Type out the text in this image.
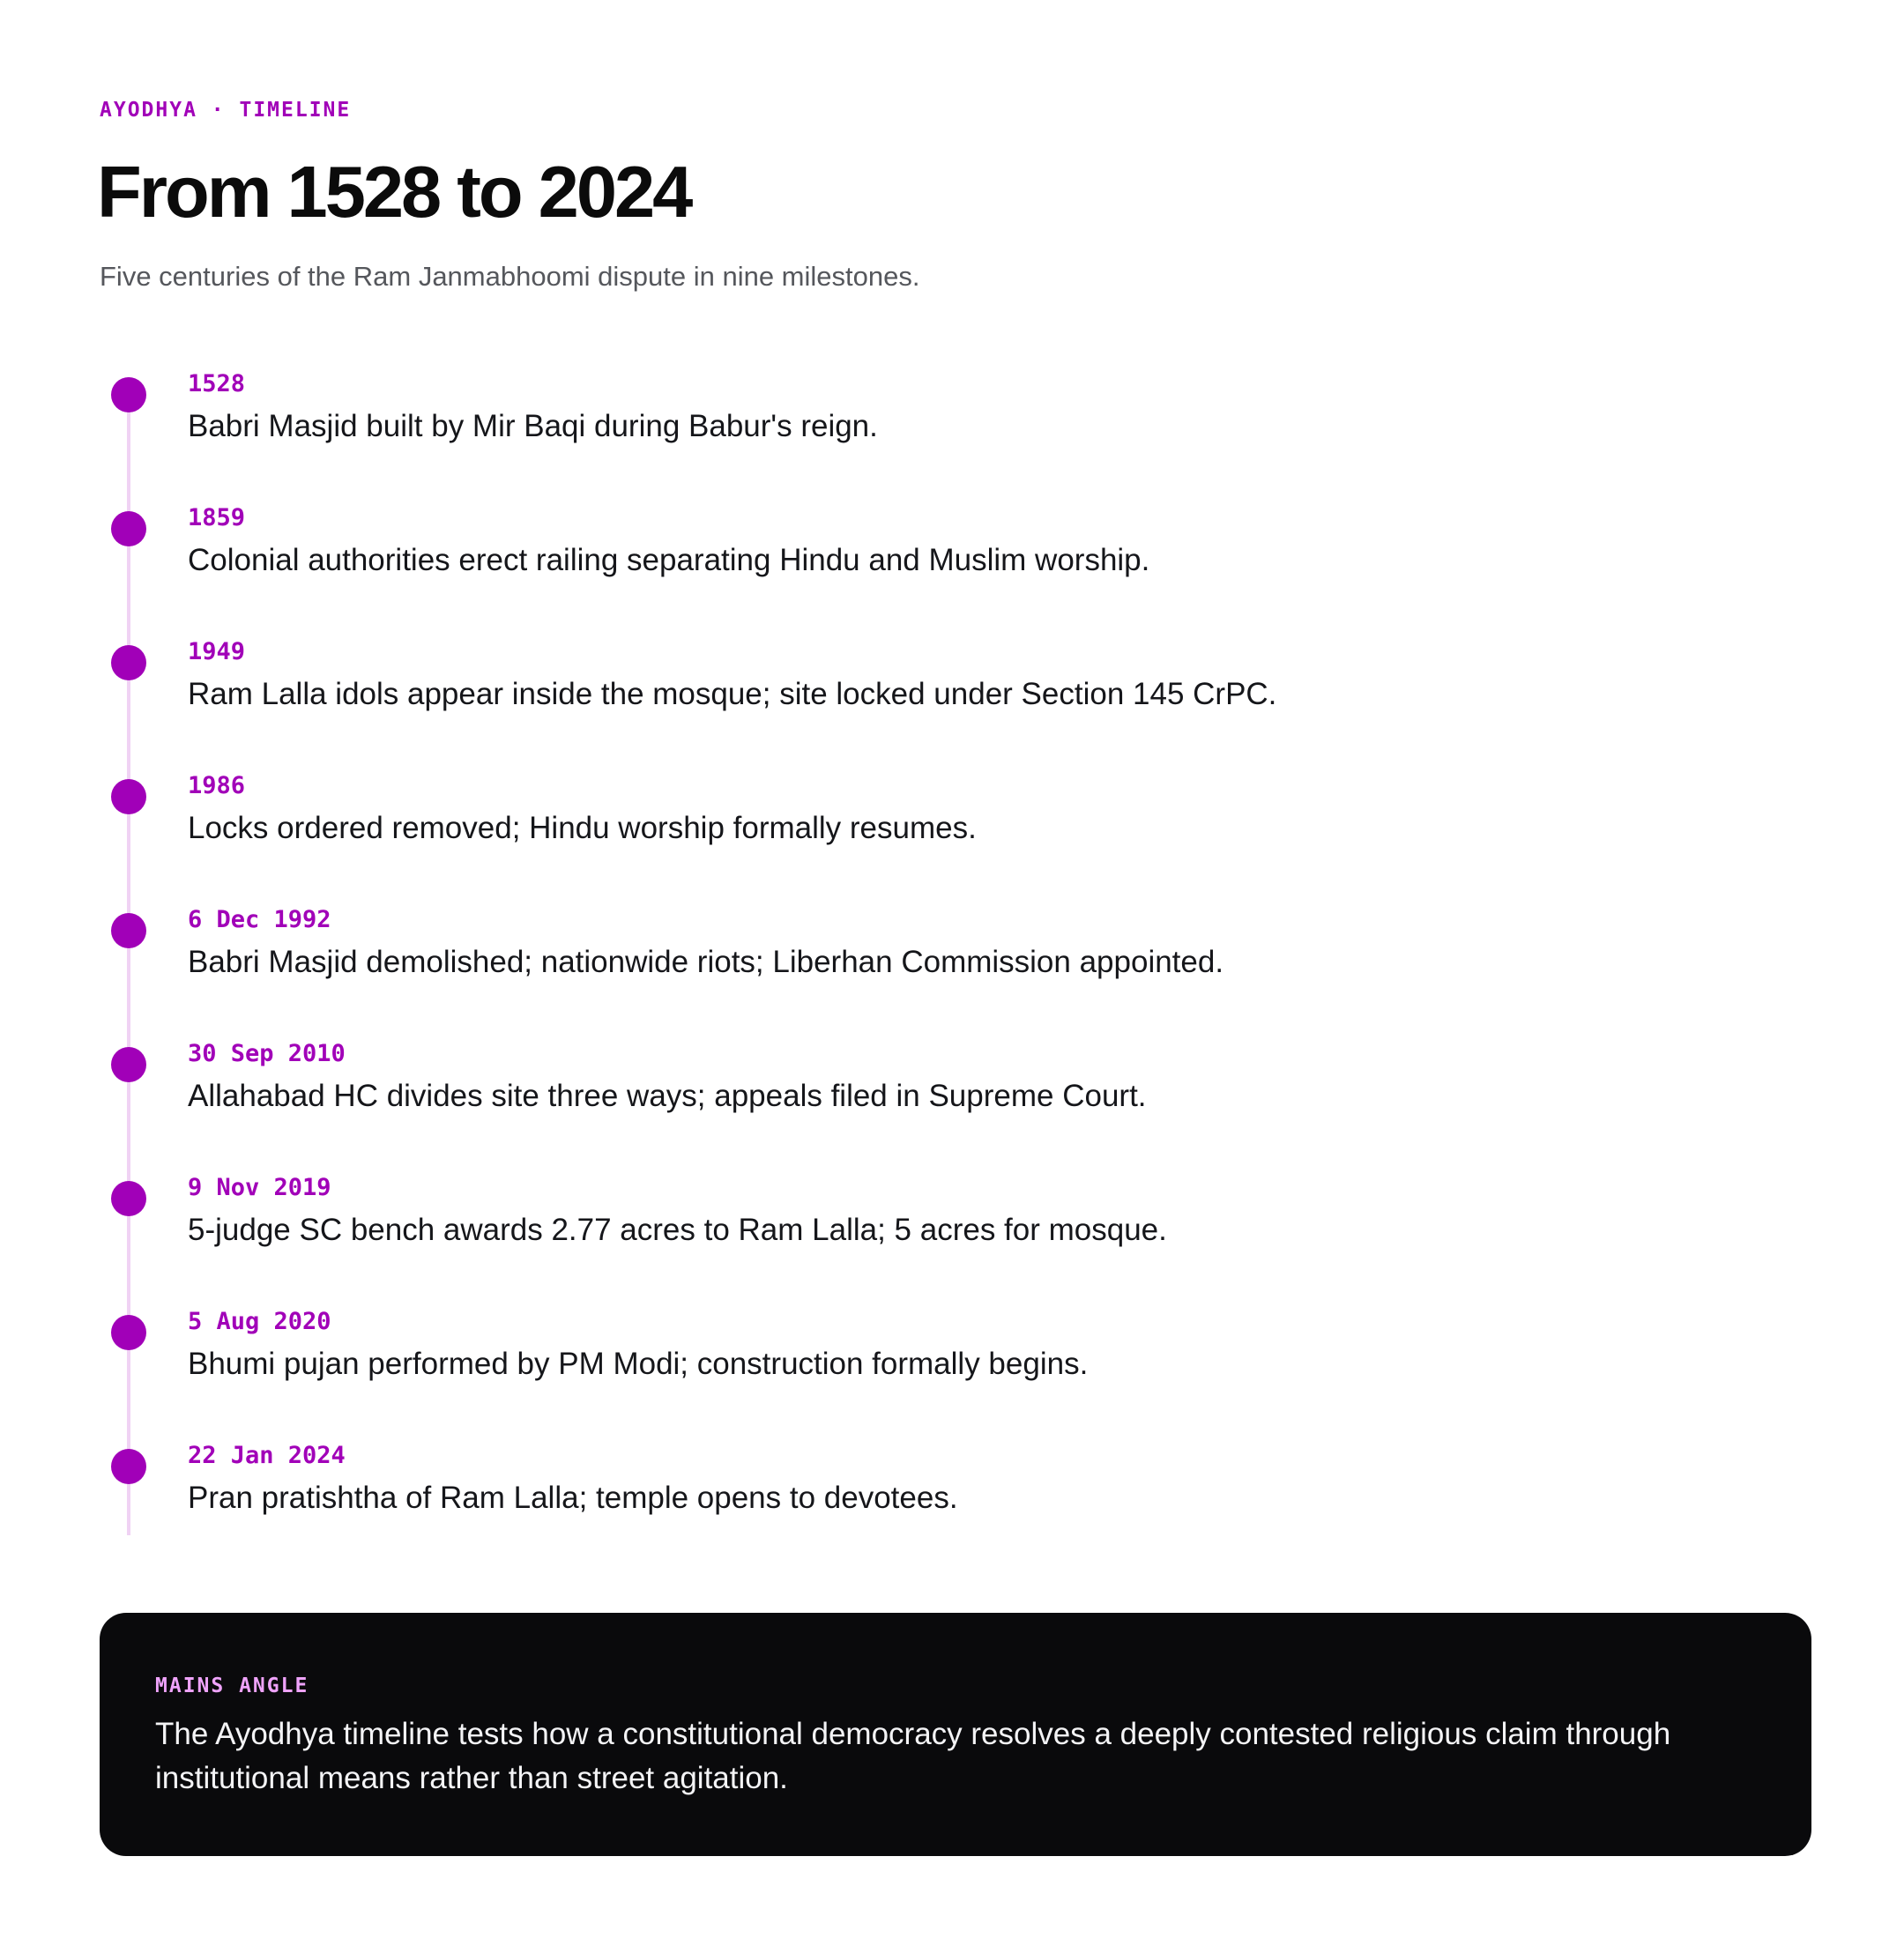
AYODHYA · TIMELINE
From 1528 to 2024
Five centuries of the Ram Janmabhoomi dispute in nine milestones.
1528
Babri Masjid built by Mir Baqi during Babur's reign.
1859
Colonial authorities erect railing separating Hindu and Muslim worship.
1949
Ram Lalla idols appear inside the mosque; site locked under Section 145 CrPC.
1986
Locks ordered removed; Hindu worship formally resumes.
6 Dec 1992
Babri Masjid demolished; nationwide riots; Liberhan Commission appointed.
30 Sep 2010
Allahabad HC divides site three ways; appeals filed in Supreme Court.
9 Nov 2019
5-judge SC bench awards 2.77 acres to Ram Lalla; 5 acres for mosque.
5 Aug 2020
Bhumi pujan performed by PM Modi; construction formally begins.
22 Jan 2024
Pran pratishtha of Ram Lalla; temple opens to devotees.
MAINS ANGLE
The Ayodhya timeline tests how a constitutional democracy resolves a deeply contested religious claim through institutional means rather than street agitation.
